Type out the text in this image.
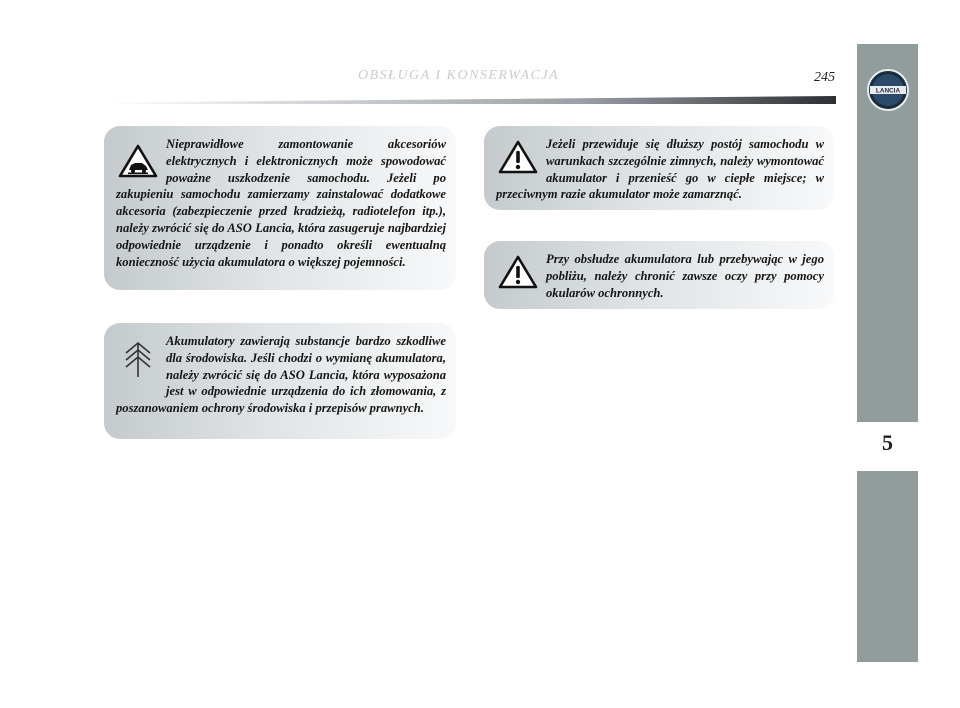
OBSŁUGA I KONSERWACJA	245
LANCIA
5
Nieprawidłowe zamontowanie akcesoriów elektrycznych i elektronicznych może spowodować poważne uszkodzenie samochodu. Jeżeli po zakupieniu samochodu zamierzamy zainstalować dodatkowe akcesoria (zabezpieczenie przed kradzieżą, radiotelefon itp.), należy zwrócić się do ASO Lancia, która zasugeruje najbardziej odpowiednie urządzenie i ponadto określi ewentualną konieczność użycia akumulatora o większej pojemności.
Akumulatory zawierają substancje bardzo szkodliwe dla środowiska. Jeśli chodzi o wymianę akumulatora, należy zwrócić się do ASO Lancia, która wyposażona jest w odpowiednie urządzenia do ich złomowania, z poszanowaniem ochrony środowiska i przepisów prawnych.
Jeżeli przewiduje się dłuższy postój samochodu w warunkach szczególnie zimnych, należy wymontować akumulator i przenieść go w ciepłe miejsce; w przeciwnym razie akumulator może zamarznąć.
Przy obsłudze akumulatora lub przebywając w jego pobliżu, należy chronić zawsze oczy przy pomocy okularów ochronnych.
